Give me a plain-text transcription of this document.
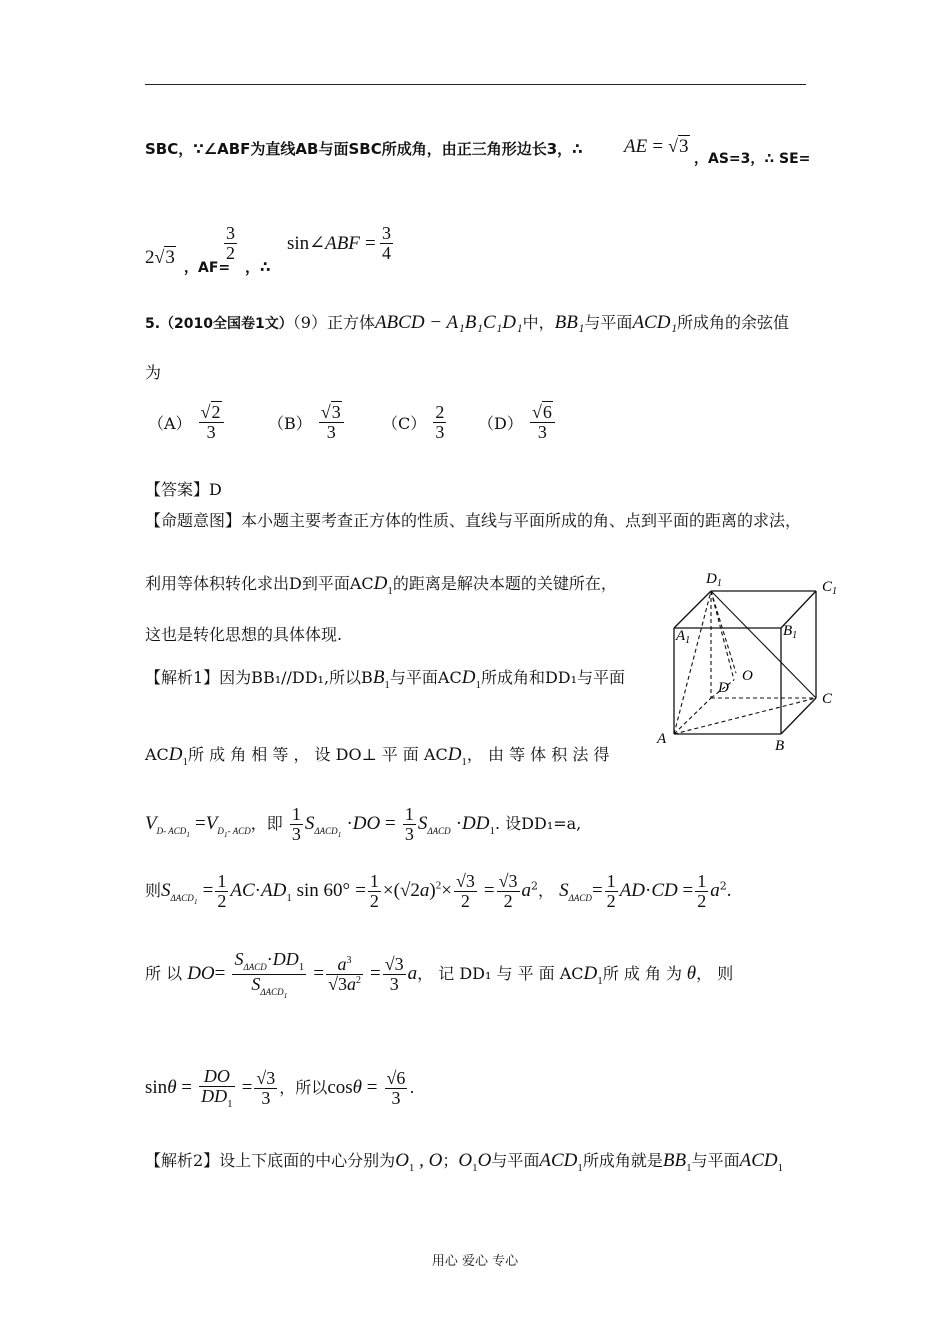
SBC，∵∠ABF为直线AB与面SBC所成角，由正三角形边长3，∴ AE = √3
，AS=3，∴ SE=
2√3 ，AF=
$\frac{3}{2}$
，∴
sin∠ABF = $\frac{3}{4}$
5.（2010全国卷1文）（9）正方体ABCD − A₁B₁C₁D₁中，BB₁与平面ACD₁所成角的余弦值
为
$(A) \frac{√2}{3}$	$(B) \frac{√3}{3} (C) \frac{2}{3} (D) \frac{√6}{3}$
【答案】D
【命题意图】本小题主要考查正方体的性质、直线与平面所成的角、点到平面的距离的求法，
利用等体积转化求出D到平面$ACD_1$的距离是解决本题的关键所在，
这也是转化思想的具体体现.
【解析1】因为BB₁//DD₁,所以$BB_1$与平面$ACD_1$所成角和DD₁与平面
$ACD_1$所 成 角 相 等 ， 设 DO⊥ 平 面 $ACD_1$， 由 等 体 积 法 得
$V_{D- ACD_1} =V_{D_1- ACD}$，即 $\frac{1}{3} S_{\Delta ACD_1} \cdot DO = \frac{1}{3} S_{\Delta ACD} \cdot DD_1$. 设DD₁=a,
则$S_{\Delta ACD_1} = \frac{1}{2} AC\cdot AD_1$ $\sin 60^\circ = \frac{1}{2} \times(√2a)^2\times \frac{√3}{2} = \frac{√3}{2} a^2$， $S_{\Delta ACD}= \frac{1}{2} AD\cdot CD = \frac{1}{2} a^2$.
所 以 $DO= \frac{S_{\Delta ACD}\cdot DD_1}{S_{\Delta ACD_1}} = \frac{a^3}{√3a^2} = \frac{√3}{3}$ a， 记 DD₁ 与 平 面 $ACD_1$所 成 角 为 θ， 则
$\sin\theta = \frac{DO}{DD_1} = \frac{√3}{3}$ ，所以$\cos\theta = \frac{√6}{3}$ .
【解析2】设上下底面的中心分别为$O_1$ , O；$O_1O$与平面$ACD_1$所成角就是$BB_1$与平面$ACD_1$
$D_1$	$C_1$
$A_1$
$B_1$
D
O
C
A	B
用心 爱心 专心
